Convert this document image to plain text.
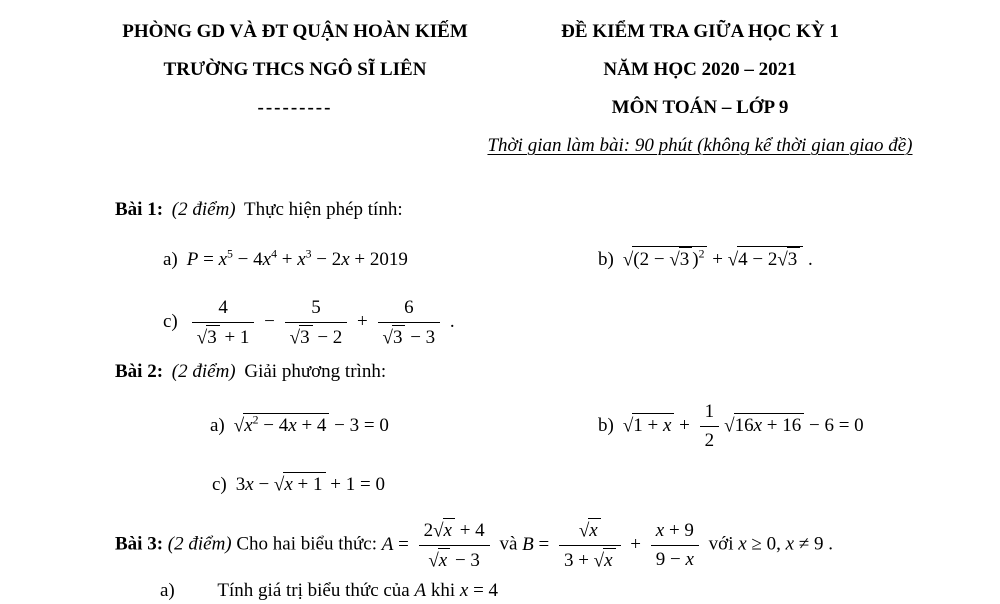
PHÒNG GD VÀ ĐT QUẬN HOÀN KIẾM
TRƯỜNG THCS NGÔ SĨ LIÊN
---------
ĐỀ KIỂM TRA GIỮA HỌC KỲ 1
NĂM HỌC 2020 – 2021
MÔN TOÁN – LỚP 9
Thời gian làm bài: 90 phút (không kể thời gian giao đề)
Bài 1: (2 điểm) Thực hiện phép tính:
a) $P = x^5 - 4x^4 + x^3 - 2x + 2019$	b) √(2 − √3 )$^2$ + √4 − 2√3 .
$c) \frac{4}{√3 + 1} - \frac{5}{√3 - 2} + \frac{6}{√3 - 3}$ .
Bài 2: (2 điểm) Giải phương trình:
a) $√x^2 - 4x + 4 - 3 = 0$	b) $√1 + x + \frac{1}{2} √16x + 16 - 6 = 0$
c) 3x − √x + 1 + 1 = 0
Bài 3: (2 điểm) Cho hai biểu thức: $A = \frac{2√x + 4}{√x - 3}$ và $B = \frac{√x}{3 + √x} + \frac{x + 9}{9 - x}$ với x ≥ 0, x ≠ 9 .
a) Tính giá trị biểu thức của A khi x = 4
